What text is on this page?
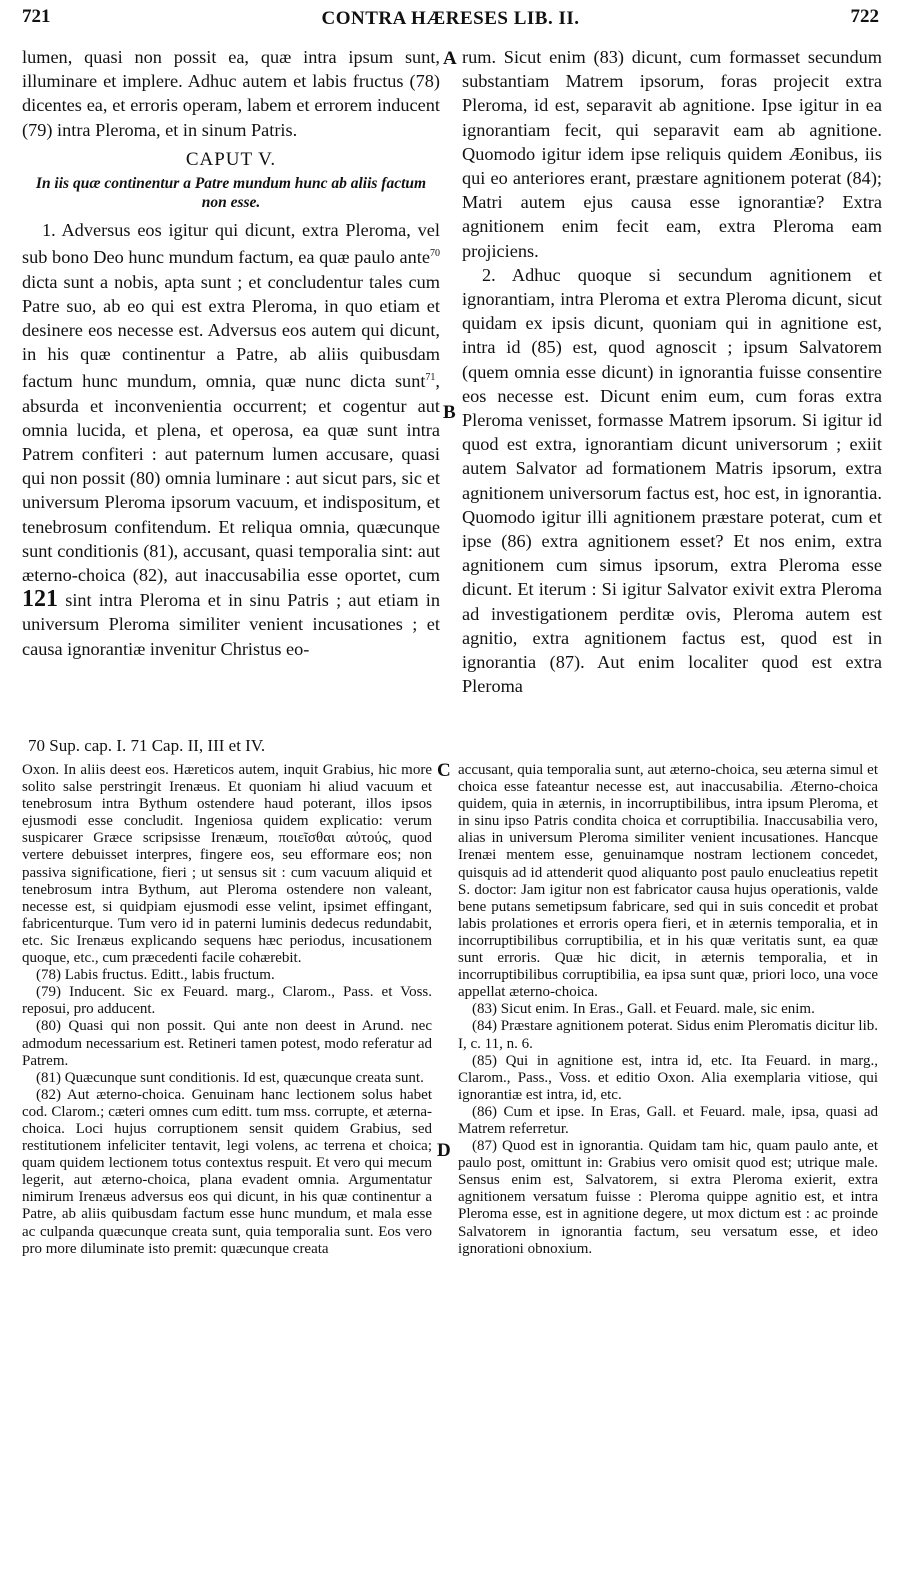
721	CONTRA HÆRESES LIB. II.	722
A
B
C
D

lumen, quasi non possit ea, quæ intra ipsum sunt, illuminare et implere. Adhuc autem et labis fructus (78) dicentes ea, et erroris operam, labem et errorem inducent (79) intra Pleroma, et in sinum Patris.

CAPUT V.
In iis quæ continentur a Patre mundum hunc ab aliis factum non esse.

1. Adversus eos igitur qui dicunt, extra Pleroma, vel sub bono Deo hunc mundum factum, ea quæ paulo ante$^{70}$ dicta sunt a nobis, apta sunt ; et concludentur tales cum Patre suo, ab eo qui est extra Pleroma, in quo etiam et desinere eos necesse est. Adversus eos autem qui dicunt, in his quæ continentur a Patre, ab aliis quibusdam factum hunc mundum, omnia, quæ nunc dicta sunt$^{71}$, absurda et inconvenientia occurrent; et cogentur aut omnia lucida, et plena, et operosa, ea quæ sunt intra Patrem confiteri : aut paternum lumen accusare, quasi qui non possit (80) omnia luminare : aut sicut pars, sic et universum Pleroma ipsorum vacuum, et indispositum, et tenebrosum confitendum. Et reliqua omnia, quæcunque sunt conditionis (81), accusant, quasi temporalia sint: aut æterno-choica (82), aut inaccusabilia esse oportet, cum 121 sint intra Pleroma et in sinu Patris ; aut etiam in universum Pleroma similiter venient incusationes ; et causa ignorantiæ invenitur Christus eo-

rum. Sicut enim (83) dicunt, cum formasset secundum substantiam Matrem ipsorum, foras projecit extra Pleroma, id est, separavit ab agnitione. Ipse igitur in ea ignorantiam fecit, qui separavit eam ab agnitione. Quomodo igitur idem ipse reliquis quidem Æonibus, iis qui eo anteriores erant, præstare agnitionem poterat (84); Matri autem ejus causa esse ignorantiæ? Extra agnitionem enim fecit eam, extra Pleroma eam projiciens.

2. Adhuc quoque si secundum agnitionem et ignorantiam, intra Pleroma et extra Pleroma dicunt, sicut quidam ex ipsis dicunt, quoniam qui in agnitione est, intra id (85) est, quod agnoscit ; ipsum Salvatorem (quem omnia esse dicunt) in ignorantia fuisse consentire eos necesse est. Dicunt enim eum, cum foras extra Pleroma venisset, formasse Matrem ipsorum. Si igitur id quod est extra, ignorantiam dicunt universorum ; exiit autem Salvator ad formationem Matris ipsorum, extra agnitionem universorum factus est, hoc est, in ignorantia. Quomodo igitur illi agnitionem præstare poterat, cum et ipse (86) extra agnitionem esset? Et nos enim, extra agnitionem cum simus ipsorum, extra Pleroma esse dicunt. Et iterum : Si igitur Salvator exivit extra Pleroma ad investigationem perditæ ovis, Pleroma autem est agnitio, extra agnitionem factus est, quod est in ignorantia (87). Aut enim localiter quod est extra Pleroma

70 Sup. cap. I. 71 Cap. II, III et IV.

Oxon. In aliis deest eos. Hæreticos autem, inquit Grabius, hic more solito salse perstringit Irenæus. Et quoniam hi aliud vacuum et tenebrosum intra Bythum ostendere haud poterant, illos ipsos ejusmodi esse concludit. Ingeniosa quidem explicatio: verum suspicarer Græce scripsisse Irenæum, ποιεῖσθαι αὐτούς, quod vertere debuisset interpres, fingere eos, seu efformare eos; non passiva significatione, fieri ; ut sensus sit : cum vacuum aliquid et tenebrosum intra Bythum, aut Pleroma ostendere non valeant, necesse est, si quidpiam ejusmodi esse velint, ipsimet effingant, fabricenturque. Tum vero id in paterni luminis dedecus redundabit, etc. Sic Irenæus explicando sequens hæc periodus, incusationem quoque, etc., cum præcedenti facile cohærebit.

(78) Labis fructus. Editt., labis fructum.

(79) Inducent. Sic ex Feuard. marg., Clarom., Pass. et Voss. reposui, pro adducent.

(80) Quasi qui non possit. Qui ante non deest in Arund. nec admodum necessarium est. Retineri tamen potest, modo referatur ad Patrem.

(81) Quæcunque sunt conditionis. Id est, quæcunque creata sunt.

(82) Aut æterno-choica. Genuinam hanc lectionem solus habet cod. Clarom.; cæteri omnes cum editt. tum mss. corrupte, et æterna-choica. Loci hujus corruptionem sensit quidem Grabius, sed restitutionem infeliciter tentavit, legi volens, ac terrena et choica; quam quidem lectionem totus contextus respuit. Et vero qui mecum legerit, aut æterno-choica, plana evadent omnia. Argumentatur nimirum Irenæus adversus eos qui dicunt, in his quæ continentur a Patre, ab aliis quibusdam factum esse hunc mundum, et mala esse ac culpanda quæcunque creata sunt, quia temporalia sunt. Eos vero pro more diluminate isto premit: quæcunque creata

accusant, quia temporalia sunt, aut æterno-choica, seu æterna simul et choica esse fateantur necesse est, aut inaccusabilia. Æterno-choica quidem, quia in æternis, in incorruptibilibus, intra ipsum Pleroma, et in sinu ipso Patris condita choica et corruptibilia. Inaccusabilia vero, alias in universum Pleroma similiter venient incusationes. Hancque Irenæi mentem esse, genuinamque nostram lectionem concedet, quisquis ad id attenderit quod aliquanto post paulo enucleatius repetit S. doctor: Jam igitur non est fabricator causa hujus operationis, valde bene putans semetipsum fabricare, sed qui in suis concedit et probat labis prolationes et erroris opera fieri, et in æternis temporalia, et in incorruptibilibus corruptibilia, et in his quæ veritatis sunt, ea quæ sunt erroris. Quæ hic dicit, in æternis temporalia, et in incorruptibilibus corruptibilia, ea ipsa sunt quæ, priori loco, una voce appellat æterno-choica.

(83) Sicut enim. In Eras., Gall. et Feuard. male, sic enim.

(84) Præstare agnitionem poterat. Sidus enim Pleromatis dicitur lib. I, c. 11, n. 6.

(85) Qui in agnitione est, intra id, etc. Ita Feuard. in marg., Clarom., Pass., Voss. et editio Oxon. Alia exemplaria vitiose, qui ignorantiæ est intra, id, etc.

(86) Cum et ipse. In Eras, Gall. et Feuard. male, ipsa, quasi ad Matrem referretur.

(87) Quod est in ignorantia. Quidam tam hic, quam paulo ante, et paulo post, omittunt in: Grabius vero omisit quod est; utrique male. Sensus enim est, Salvatorem, si extra Pleroma exierit, extra agnitionem versatum fuisse : Pleroma quippe agnitio est, et intra Pleroma esse, est in agnitione degere, ut mox dictum est : ac proinde Salvatorem in ignorantia factum, seu versatum esse, et ideo ignorationi obnoxium.
